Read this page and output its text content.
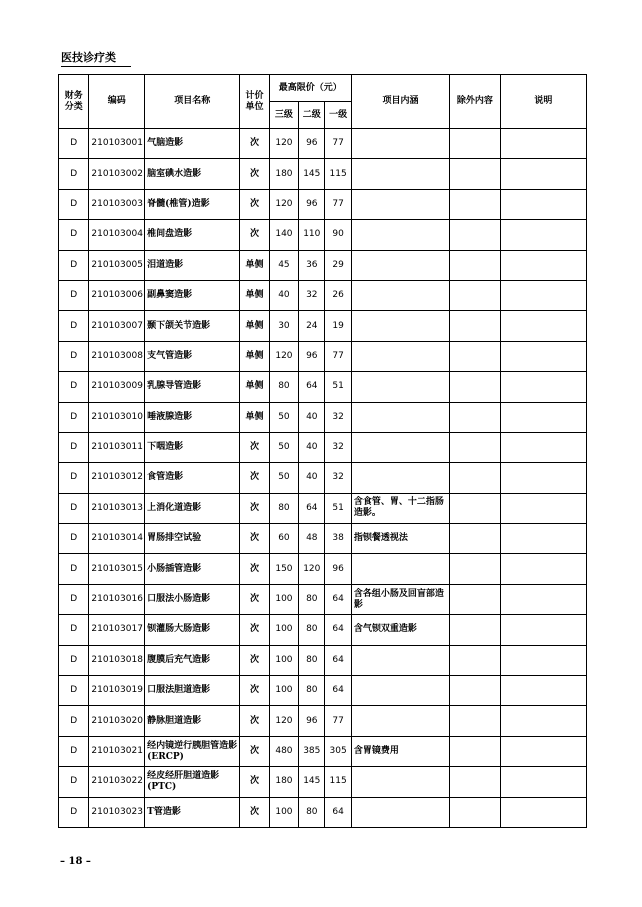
医技诊疗类
财务分类	编码	项目名称	计价单位	最高限价（元）			项目内涵	除外内容	说明
				三级	二级	一级			
D	210103001	气脑造影	次	120	96	77			
D	210103002	脑室碘水造影	次	180	145	115			
D	210103003	脊髓(椎管)造影	次	120	96	77			
D	210103004	椎间盘造影	次	140	110	90			
D	210103005	泪道造影	单侧	45	36	29			
D	210103006	副鼻窦造影	单侧	40	32	26			
D	210103007	颞下颌关节造影	单侧	30	24	19			
D	210103008	支气管造影	单侧	120	96	77			
D	210103009	乳腺导管造影	单侧	80	64	51			
D	210103010	唾液腺造影	单侧	50	40	32			
D	210103011	下咽造影	次	50	40	32			
D	210103012	食管造影	次	50	40	32			
D	210103013	上消化道造影	次	80	64	51	含食管、胃、十二指肠造影。		
D	210103014	胃肠排空试验	次	60	48	38	指钡餐透视法		
D	210103015	小肠插管造影	次	150	120	96			
D	210103016	口服法小肠造影	次	100	80	64	含各组小肠及回盲部造影		
D	210103017	钡灌肠大肠造影	次	100	80	64	含气钡双重造影		
D	210103018	腹膜后充气造影	次	100	80	64			
D	210103019	口服法胆道造影	次	100	80	64			
D	210103020	静脉胆道造影	次	120	96	77			
D	210103021	经内镜逆行胰胆管造影(ERCP)	次	480	385	305	含胃镜费用		
D	210103022	经皮经肝胆道造影(PTC)	次	180	145	115			
D	210103023	T管造影	次	100	80	64			
– 18 –
